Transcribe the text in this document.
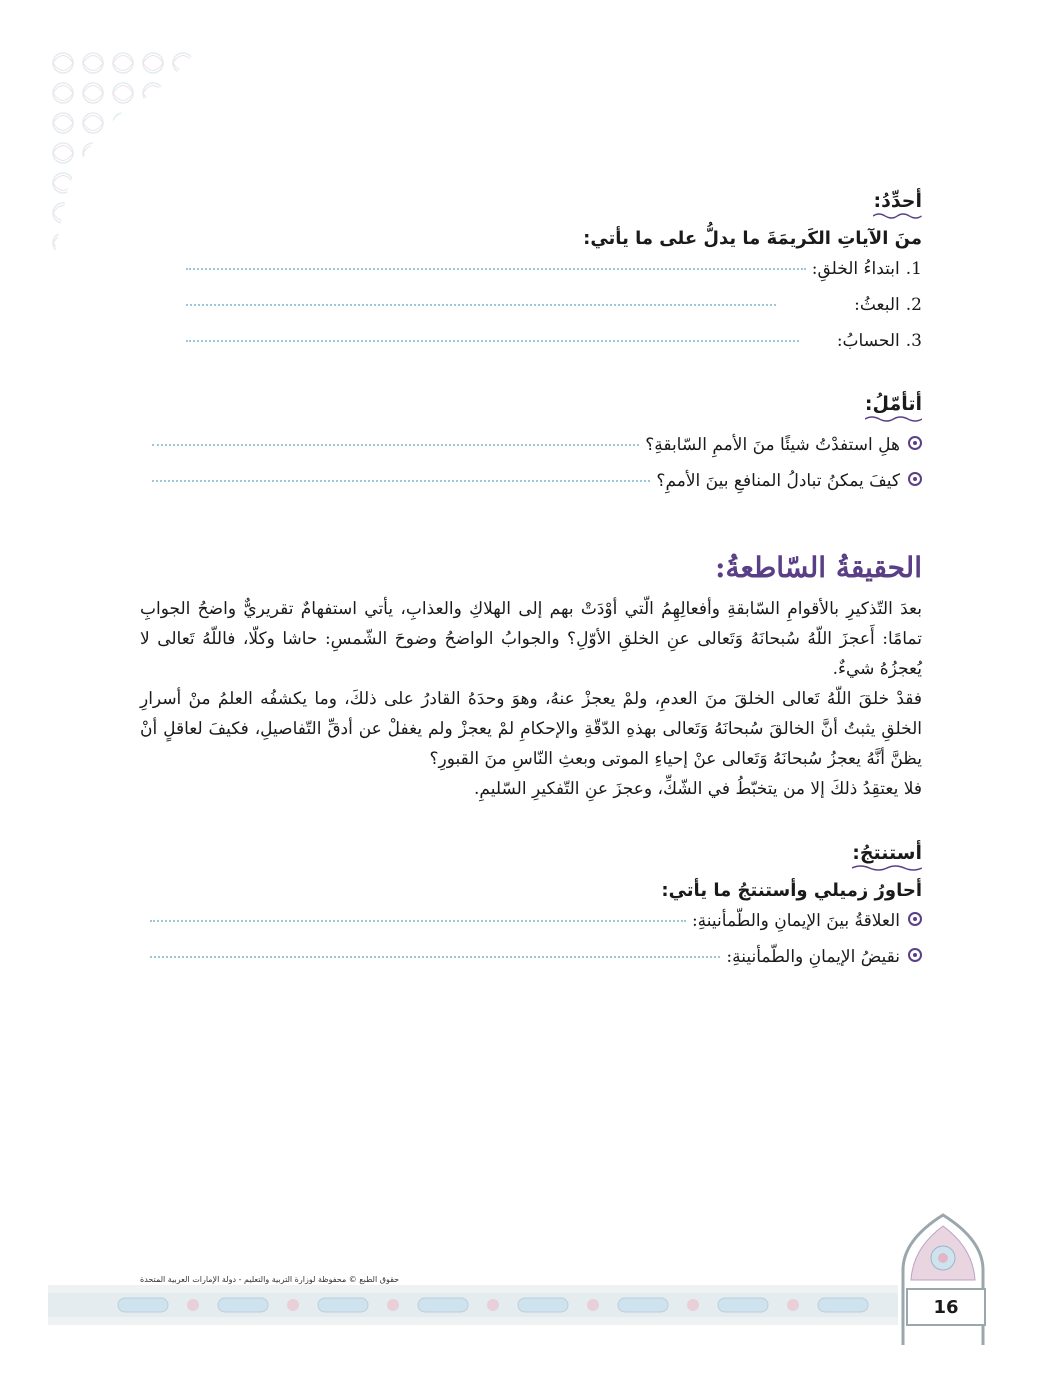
أحدِّدُ:
منَ الآياتِ الكَريمَةَ ما يدلُّ على ما يأتي:
1.
ابتداءُ الخلقِ:
2.
البعثُ:
3.
الحسابُ:
أتأمّلُ:
هلِ استفدْتُ شيئًا منَ الأممِ السّابقةِ؟
كيفَ يمكنُ تبادلُ المنافعِ بينَ الأممِ؟
الحقيقةُ السّاطعةُ:

بعدَ التّذكيرِ بالأقوامِ السّابقةِ وأفعالِهِمُ الّتي أوْدَتْ بهم إلى الهلاكِ والعذابِ، يأتي استفهامٌ تقريريٌّ واضحُ الجوابِ تمامًا: أَعجزَ اللّهُ سُبحانَهُ وَتَعالى عنِ الخلقِ الأوّلِ؟ والجوابُ الواضحُ وضوحَ الشّمسِ: حاشا وكلّا، فاللّهُ تَعالى لا يُعجزُهُ شيءٌ.

فقدْ خلقَ اللّهُ تَعالى الخلقَ منَ العدمِ، ولمْ يعجزْ عنهُ، وهوَ وحدَهُ القادرُ على ذلكَ، وما يكشفُه العلمُ منْ أسرارِ الخلقِ يثبتُ أنَّ الخالقَ سُبحانَهُ وَتَعالى بهذهِ الدّقّةِ والإحكامِ لمْ يعجزْ ولم يغفلْ عن أدقِّ التّفاصيلِ، فكيفَ لعاقلٍ أنْ يظنَّ أنَّهُ يعجزُ سُبحانَهُ وَتَعالى عنْ إحياءِ الموتى وبعثِ النّاسِ منَ القبورِ؟

فلا يعتقِدُ ذلكَ إلا من يتخبّطُ في الشّكِّ، وعجزَ عنِ التّفكيرِ السّليمِ.

أستنتجُ:
أحاورُ زميلي وأستنتجُ ما يأتي:
العلاقةُ بينَ الإيمانِ والطّمأنينةِ:
نقيضُ الإيمانِ والطّمأنينةِ:
حقوق الطبع © محفوظة لوزارة التربية والتعليم - دولة الإمارات العربية المتحدة
16
